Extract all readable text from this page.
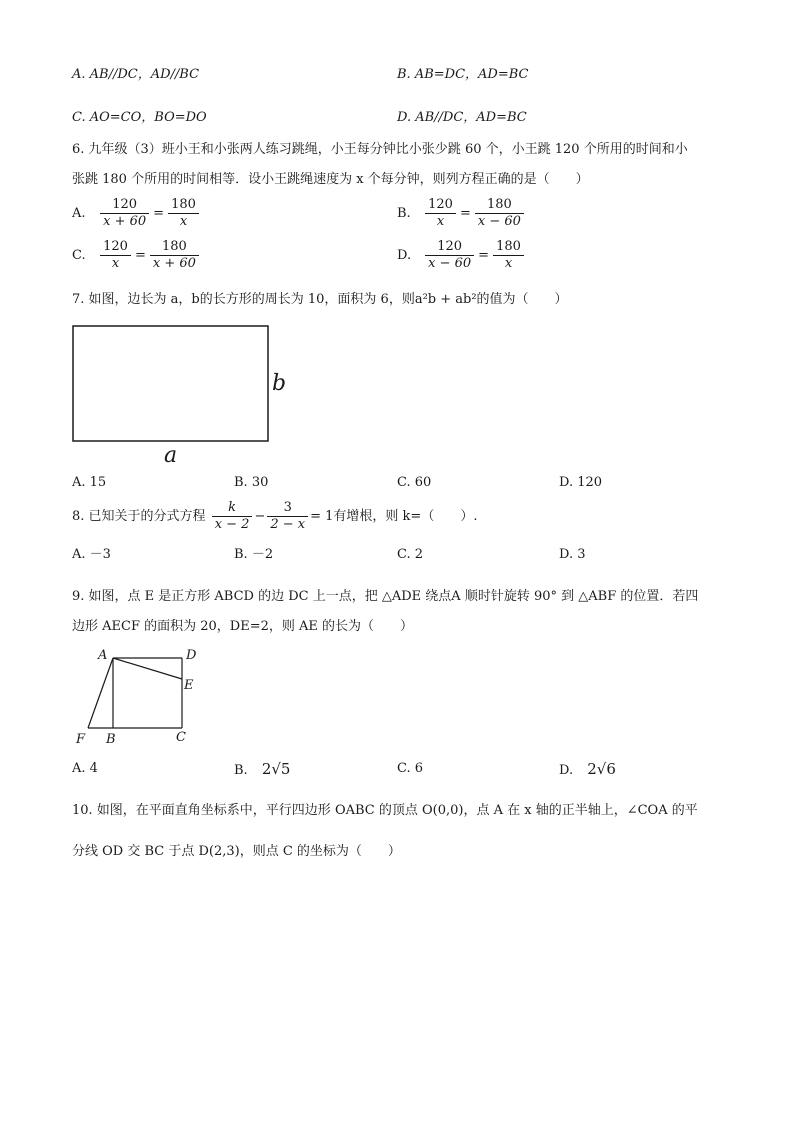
A. AB//DC，AD//BC	B. AB=DC，AD=BC
C. AO=CO，BO=DO	D. AB//DC，AD=BC
6. 九年级（3）班小王和小张两人练习跳绳，小王每分钟比小张少跳 60 个，小王跳 120 个所用的时间和小
张跳 180 个所用的时间相等．设小王跳绳速度为 x 个每分钟，则列方程正确的是（　　）
A. $\frac{120}{x + 60} = \frac{180}{x}$	B. $\frac{120}{x} = \frac{180}{x - 60}$
C. $\frac{120}{x} = \frac{180}{x + 60}$	D. $\frac{120}{x - 60} = \frac{180}{x}$
7. 如图，边长为 a，b的长方形的周长为 10，面积为 6，则a²b + ab²的值为（　　）
b
a
A. 15	B. 30	C. 60	D. 120
8. 已知关于的分式方程 $\frac{k}{x - 2} - \frac{3}{2 - x} = 1$有增根，则 k=（　　）.
A. －3	B. －2	C. 2	D. 3
9. 如图，点 E 是正方形 ABCD 的边 DC 上一点，把 △ADE 绕点A 顺时针旋转 90° 到 △ABF 的位置．若四
边形 AECF 的面积为 20，DE=2，则 AE 的长为（　　）
A	D
E
F B	C
A. 4	B. 2√5	C. 6	D. 2√6
10. 如图，在平面直角坐标系中，平行四边形 OABC 的顶点 O(0,0)，点 A 在 x 轴的正半轴上，∠COA 的平
分线 OD 交 BC 于点 D(2,3)，则点 C 的坐标为（　　）
